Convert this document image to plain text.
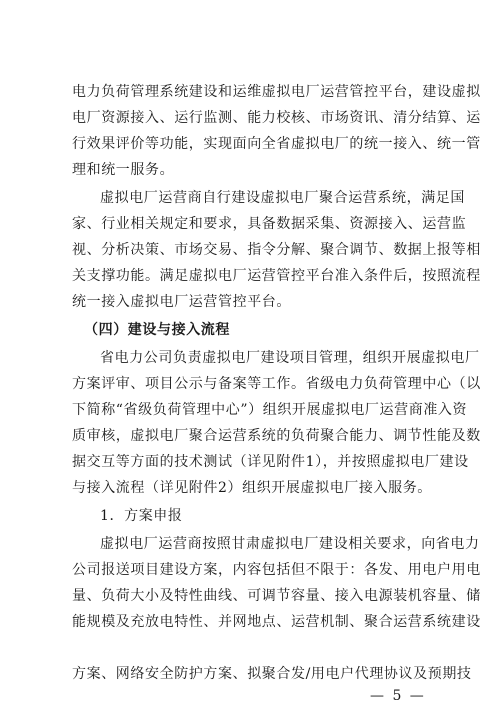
电力负荷管理系统建设和运维虚拟电厂运营管控平台，建设虚拟
电厂资源接入、运行监测、能力校核、市场资讯、清分结算、运
行效果评价等功能，实现面向全省虚拟电厂的统一接入、统一管
理和统一服务。
虚拟电厂运营商自行建设虚拟电厂聚合运营系统，满足国
家、行业相关规定和要求，具备数据采集、资源接入、运营监
视、分析决策、市场交易、指令分解、聚合调节、数据上报等相
关支撑功能。满足虚拟电厂运营管控平台准入条件后，按照流程
统一接入虚拟电厂运营管控平台。
（四）建设与接入流程
省电力公司负责虚拟电厂建设项目管理，组织开展虚拟电厂
方案评审、项目公示与备案等工作。省级电力负荷管理中心（以
下简称“省级负荷管理中心”）组织开展虚拟电厂运营商准入资
质审核，虚拟电厂聚合运营系统的负荷聚合能力、调节性能及数
据交互等方面的技术测试（详见附件1），并按照虚拟电厂建设
与接入流程（详见附件2）组织开展虚拟电厂接入服务。
1．方案申报
虚拟电厂运营商按照甘肃虚拟电厂建设相关要求，向省电力
公司报送项目建设方案，内容包括但不限于：各发、用电户用电
量、负荷大小及特性曲线、可调节容量、接入电源装机容量、储
能规模及充放电特性、并网地点、运营机制、聚合运营系统建设
— 5 —
方案、网络安全防护方案、拟聚合发/用电户代理协议及预期技
